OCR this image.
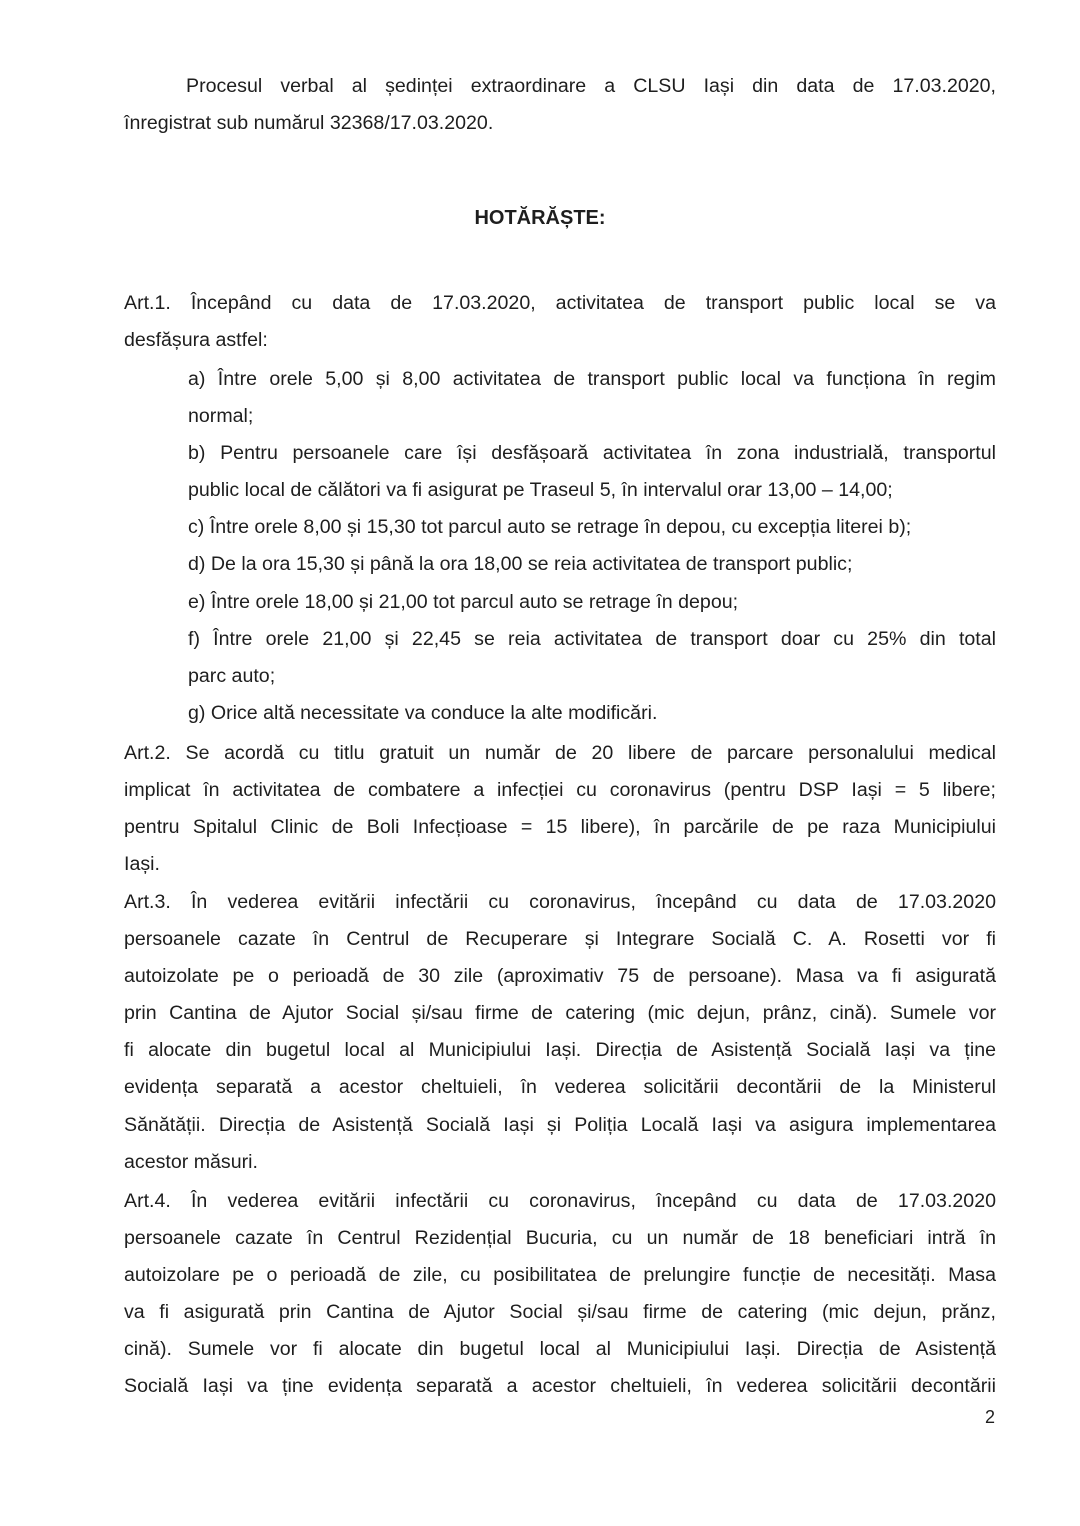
Procesul verbal al ședinței extraordinare a CLSU Iași din data de 17.03.2020,
înregistrat sub numărul 32368/17.03.2020.
HOTĂRĂȘTE:
Art.1. Începând cu data de 17.03.2020, activitatea de transport public local se va
desfășura astfel:
a) Între orele 5,00 și 8,00 activitatea de transport public local va funcționa în regim
normal;
b) Pentru persoanele care își desfășoară activitatea în zona industrială, transportul
public local de călători va fi asigurat pe Traseul 5, în intervalul orar 13,00 – 14,00;
c) Între orele 8,00 și 15,30 tot parcul auto se retrage în depou, cu excepția literei b);
d) De la ora 15,30 și până la ora 18,00 se reia activitatea de transport public;
e) Între orele 18,00 și 21,00 tot parcul auto se retrage în depou;
f) Între orele 21,00 și 22,45 se reia activitatea de transport doar cu 25% din total
parc auto;
g) Orice altă necessitate va conduce la alte modificări.
Art.2. Se acordă cu titlu gratuit un număr de 20 libere de parcare personalului medical
implicat în activitatea de combatere a infecției cu coronavirus (pentru DSP Iași = 5 libere;
pentru Spitalul Clinic de Boli Infecțioase = 15 libere), în parcările de pe raza Municipiului
Iași.
Art.3. În vederea evitării infectării cu coronavirus, începând cu data de 17.03.2020
persoanele cazate în Centrul de Recuperare și Integrare Socială C. A. Rosetti vor fi
autoizolate pe o perioadă de 30 zile (aproximativ 75 de persoane). Masa va fi asigurată
prin Cantina de Ajutor Social și/sau firme de catering (mic dejun, prânz, cină). Sumele vor
fi alocate din bugetul local al Municipiului Iași. Direcția de Asistență Socială Iași va ține
evidența separată a acestor cheltuieli, în vederea solicitării decontării de la Ministerul
Sănătății. Direcția de Asistență Socială Iași și Poliția Locală Iași va asigura implementarea
acestor măsuri.
Art.4. În vederea evitării infectării cu coronavirus, începând cu data de 17.03.2020
persoanele cazate în Centrul Rezidențial Bucuria, cu un număr de 18 beneficiari intră în
autoizolare pe o perioadă de zile, cu posibilitatea de prelungire funcție de necesități. Masa
va fi asigurată prin Cantina de Ajutor Social și/sau firme de catering (mic dejun, prănz,
cină). Sumele vor fi alocate din bugetul local al Municipiului Iași. Direcția de Asistență
Socială Iași va ține evidența separată a acestor cheltuieli, în vederea solicitării decontării
2
